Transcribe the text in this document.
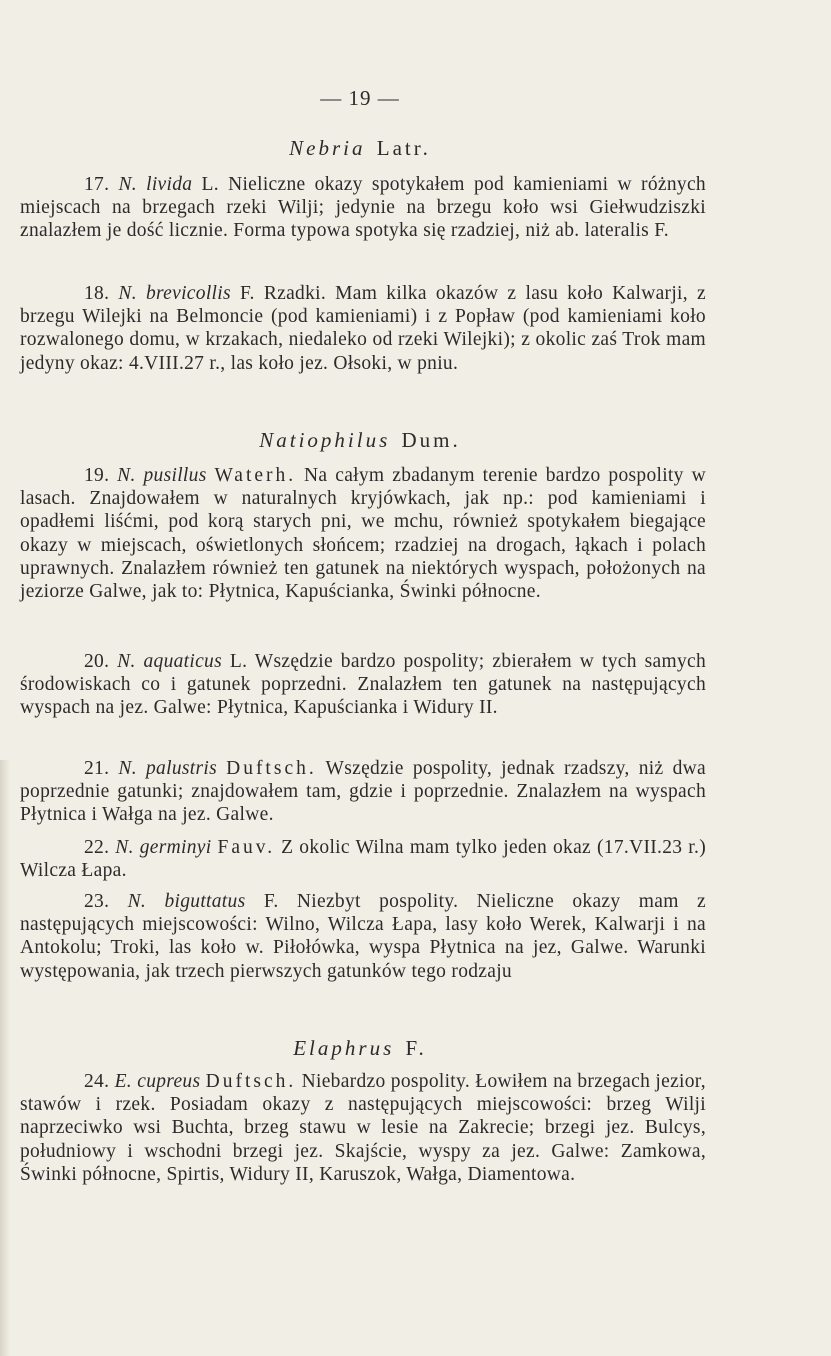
— 19 —
Nebria Latr.
17. N. livida L. Nieliczne okazy spotykałem pod kamieniami w różnych miejscach na brzegach rzeki Wilji; jedynie na brzegu koło wsi Giełwudziszki znalazłem je dość licznie. Forma typowa spotyka się rzadziej, niż ab. lateralis F.
18. N. brevicollis F. Rzadki. Mam kilka okazów z lasu koło Kalwarji, z brzegu Wilejki na Belmoncie (pod kamieniami) i z Popław (pod kamieniami koło rozwalonego domu, w krzakach, niedaleko od rzeki Wilejki); z okolic zaś Trok mam jedyny okaz: 4.VIII.27 r., las koło jez. Ołsoki, w pniu.
Natiophilus Dum.
19. N. pusillus Waterh. Na całym zbadanym terenie bardzo pospolity w lasach. Znajdowałem w naturalnych kryjówkach, jak np.: pod kamieniami i opadłemi liśćmi, pod korą starych pni, we mchu, również spotykałem biegające okazy w miejscach, oświetlonych słońcem; rzadziej na drogach, łąkach i polach uprawnych. Znalazłem również ten gatunek na niektórych wyspach, położonych na jeziorze Galwe, jak to: Płytnica, Kapuścianka, Świnki północne.
20. N. aquaticus L. Wszędzie bardzo pospolity; zbierałem w tych samych środowiskach co i gatunek poprzedni. Znalazłem ten gatunek na następujących wyspach na jez. Galwe: Płytnica, Kapuścianka i Widury II.
21. N. palustris Duftsch. Wszędzie pospolity, jednak rzadszy, niż dwa poprzednie gatunki; znajdowałem tam, gdzie i poprzednie. Znalazłem na wyspach Płytnica i Wałga na jez. Galwe.
22. N. germinyi Fauv. Z okolic Wilna mam tylko jeden okaz (17.VII.23 r.) Wilcza Łapa.
23. N. biguttatus F. Niezbyt pospolity. Nieliczne okazy mam z następujących miejscowości: Wilno, Wilcza Łapa, lasy koło Werek, Kalwarji i na Antokolu; Troki, las koło w. Piłołówka, wyspa Płytnica na jez, Galwe. Warunki występowania, jak trzech pierwszych gatunków tego rodzaju
Elaphrus F.
24. E. cupreus Duftsch. Niebardzo pospolity. Łowiłem na brzegach jezior, stawów i rzek. Posiadam okazy z następujących miejscowości: brzeg Wilji naprzeciwko wsi Buchta, brzeg stawu w lesie na Zakrecie; brzegi jez. Bulcys, południowy i wschodni brzegi jez. Skajście, wyspy za jez. Galwe: Zamkowa, Świnki północne, Spirtis, Widury II, Karuszok, Wałga, Diamentowa.
